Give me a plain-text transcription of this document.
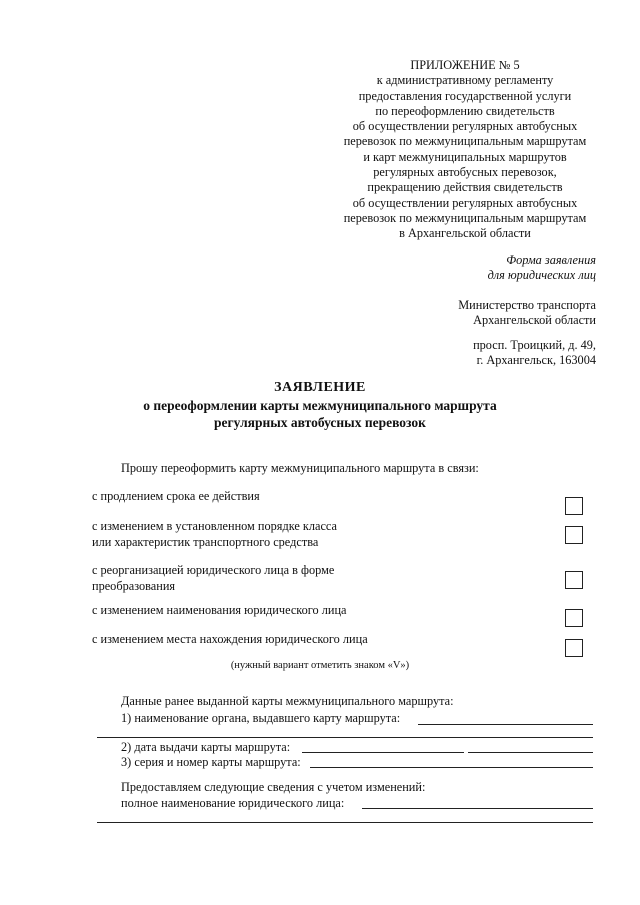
ПРИЛОЖЕНИЕ № 5
к административному регламенту
предоставления государственной услуги
по переоформлению свидетельств
об осуществлении регулярных автобусных
перевозок по межмуниципальным маршрутам
и карт межмуниципальных маршрутов
регулярных автобусных перевозок,
прекращению действия свидетельств
об осуществлении регулярных автобусных
перевозок по межмуниципальным маршрутам
в Архангельской области
Форма заявления
для юридических лиц
Министерство транспорта
Архангельской области
просп. Троицкий, д. 49,
г. Архангельск, 163004
ЗАЯВЛЕНИЕ
о переоформлении карты межмуниципального маршрута
регулярных автобусных перевозок
Прошу переоформить карту межмуниципального маршрута в связи:
с продлением срока ее действия
с изменением в установленном порядке класса
или характеристик транспортного средства
с реорганизацией юридического лица в форме
преобразования
с изменением наименования юридического лица
с изменением места нахождения юридического лица
(нужный вариант отметить знаком «V»)
Данные ранее выданной карты межмуниципального маршрута:
1) наименование органа, выдавшего карту маршрута:
2) дата выдачи карты маршрута:
3) серия и номер карты маршрута:
Предоставляем следующие сведения с учетом изменений:
полное наименование юридического лица:
